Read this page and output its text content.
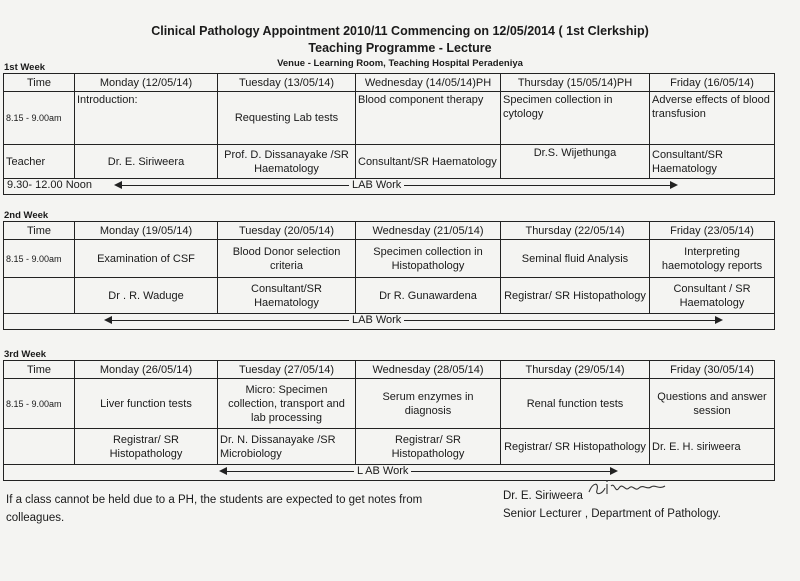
Clinical Pathology Appointment 2010/11 Commencing on 12/05/2014 ( 1st Clerkship)
Teaching Programme - Lecture
Venue - Learning Room, Teaching Hospital Peradeniya
1st Week
Time	Monday (12/05/14)	Tuesday (13/05/14)	Wednesday (14/05/14)PH	Thursday (15/05/14)PH	Friday (16/05/14)
8.15 - 9.00am	Introduction:	Requesting Lab tests	Blood component therapy	Specimen collection in cytology	Adverse effects of blood transfusion
Teacher	Dr. E. Siriweera	Prof. D. Dissanayake /SR Haematology	Consultant/SR Haematology	Dr.S. Wijethunga	Consultant/SR Haematology

9.30- 12.00 Noon LAB Work					
2nd Week
Time	Monday (19/05/14)	Tuesday (20/05/14)	Wednesday (21/05/14)	Thursday (22/05/14)	Friday (23/05/14)
8.15 - 9.00am	Examination of CSF	Blood Donor selection criteria	Specimen collection in Histopathology	Seminal fluid Analysis	Interpreting haemotology reports
	Dr . R. Waduge	Consultant/SR Haematology	Dr R. Gunawardena	Registrar/ SR Histopathology	Consultant / SR Haematology

LAB Work					
3rd Week
Time	Monday (26/05/14)	Tuesday (27/05/14)	Wednesday (28/05/14)	Thursday (29/05/14)	Friday (30/05/14)
8.15 - 9.00am	Liver function tests	Micro: Specimen collection, transport and lab processing	Serum enzymes in diagnosis	Renal function tests	Questions and answer session
	Registrar/ SR Histopathology	Dr. N. Dissanayake /SR Microbiology	Registrar/ SR Histopathology	Registrar/ SR Histopathology	Dr. E. H. siriweera

L AB Work					
If a class cannot be held due to a PH, the students are expected to get notes from colleagues.
Dr. E. Siriweera
Senior Lecturer , Department of Pathology.
